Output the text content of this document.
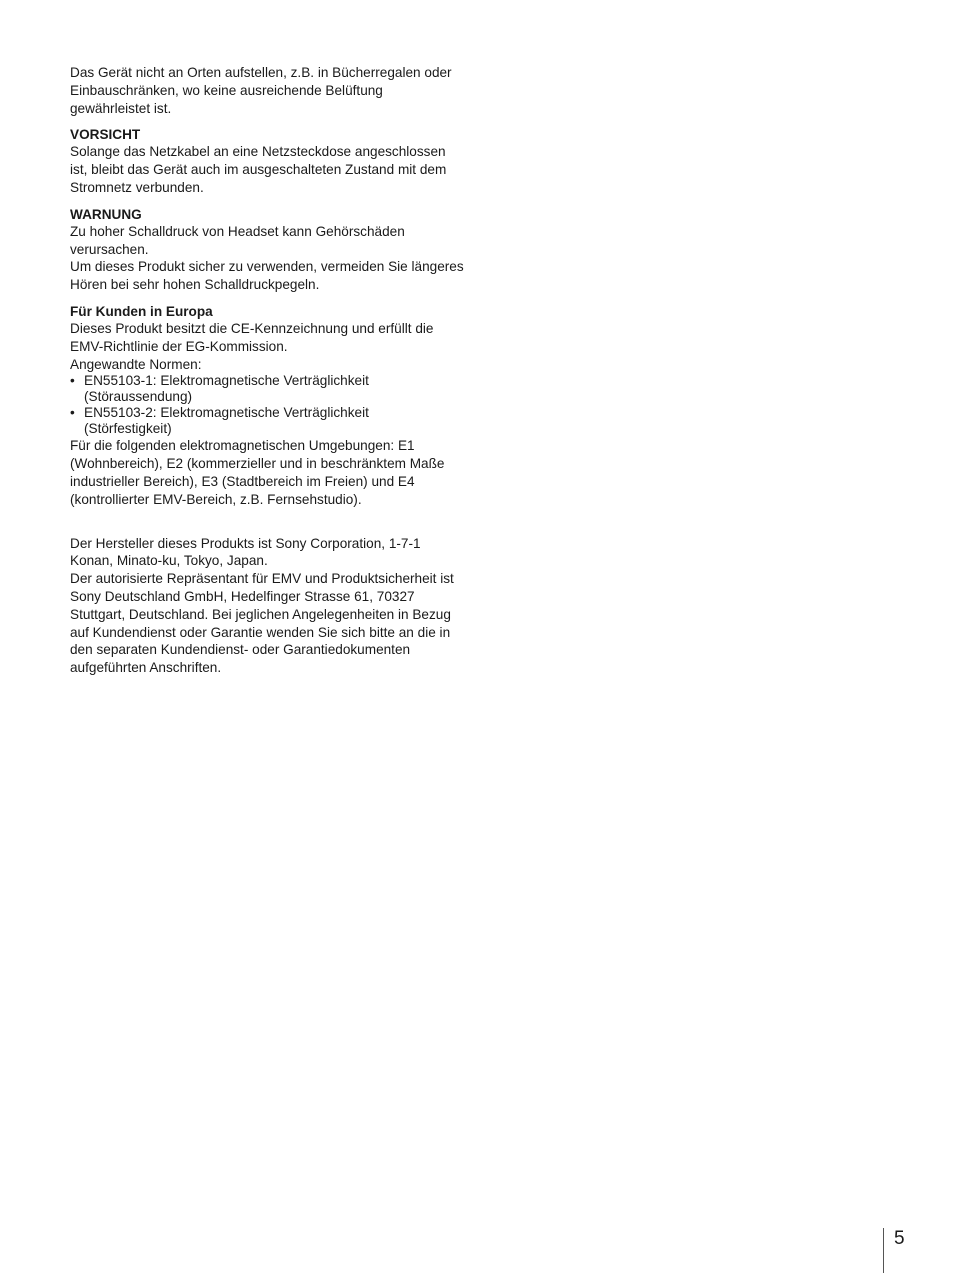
Das Gerät nicht an Orten aufstellen, z.B. in Bücherregalen oder Einbauschränken, wo keine ausreichende Belüftung gewährleistet ist.

VORSICHT

Solange das Netzkabel an eine Netzsteckdose angeschlossen ist, bleibt das Gerät auch im ausgeschalteten Zustand mit dem Stromnetz verbunden.

WARNUNG

Zu hoher Schalldruck von Headset kann Gehörschäden verursachen.

Um dieses Produkt sicher zu verwenden, vermeiden Sie längeres Hören bei sehr hohen Schalldruckpegeln.

Für Kunden in Europa

Dieses Produkt besitzt die CE-Kennzeichnung und erfüllt die EMV-Richtlinie der EG-Kommission.

Angewandte Normen:

• EN55103-1: Elektromagnetische Verträglichkeit
(Störaussendung)
• EN55103-2: Elektromagnetische Verträglichkeit
(Störfestigkeit)

Für die folgenden elektromagnetischen Umgebungen: E1 (Wohnbereich), E2 (kommerzieller und in beschränktem Maße industrieller Bereich), E3 (Stadtbereich im Freien) und E4 (kontrollierter EMV-Bereich, z.B. Fernsehstudio).

Der Hersteller dieses Produkts ist Sony Corporation, 1-7-1 Konan, Minato-ku, Tokyo, Japan.

Der autorisierte Repräsentant für EMV und Produktsicherheit ist Sony Deutschland GmbH, Hedelfinger Strasse 61, 70327 Stuttgart, Deutschland. Bei jeglichen Angelegenheiten in Bezug auf Kundendienst oder Garantie wenden Sie sich bitte an die in den separaten Kundendienst- oder Garantiedokumenten aufgeführten Anschriften.

5
